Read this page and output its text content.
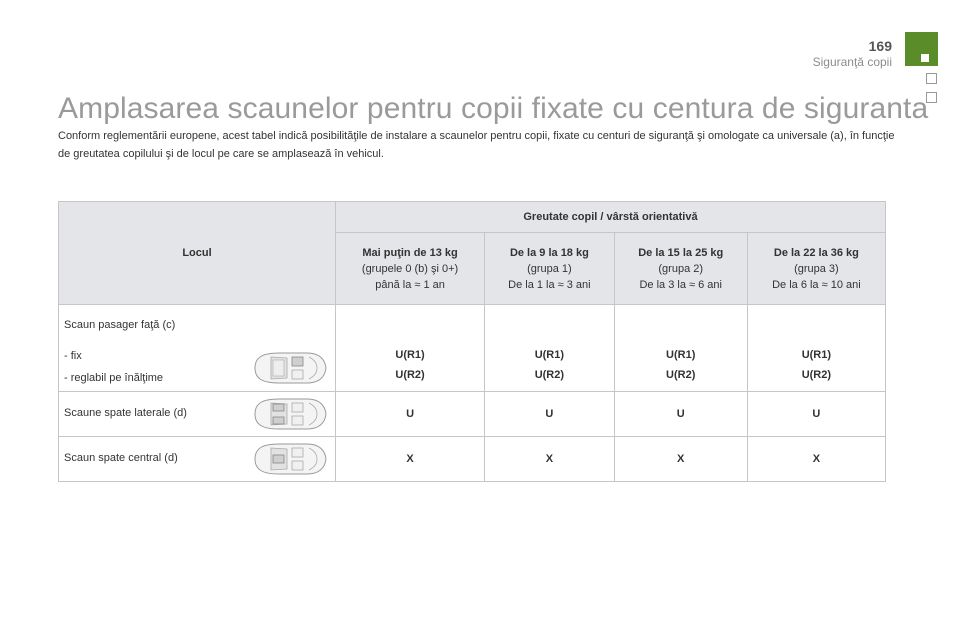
169
Siguranţă copii
Amplasarea scaunelor pentru copii fixate cu centura de siguranta

Conform reglementării europene, acest tabel indică posibilităţile de instalare a scaunelor pentru copii, fixate cu centuri de siguranţă şi omologate ca universale (a), în funcţie de greutatea copilului şi de locul pe care se amplasează în vehicul.

Locul	Greutate copil / vârstă orientativă			

	Mai puţin de 13 kg
(grupele 0 (b) şi 0+)
până la ≈ 1 an	De la 9 la 18 kg
(grupa 1)
De la 1 la ≈ 3 ani	De la 15 la 25 kg
(grupa 2)
De la 3 la ≈ 6 ani	De la 22 la 36 kg
(grupa 3)
De la 6 la ≈ 10 ani

Scaun pasager faţă (c)
- fix
- reglabil pe înălţime	U(R1)
U(R2)	U(R1)
U(R2)	U(R1)
U(R2)	U(R1)
U(R2)

Scaune spate laterale (d)	U	U	U	U

Scaun spate central (d)	X	X	X	X
